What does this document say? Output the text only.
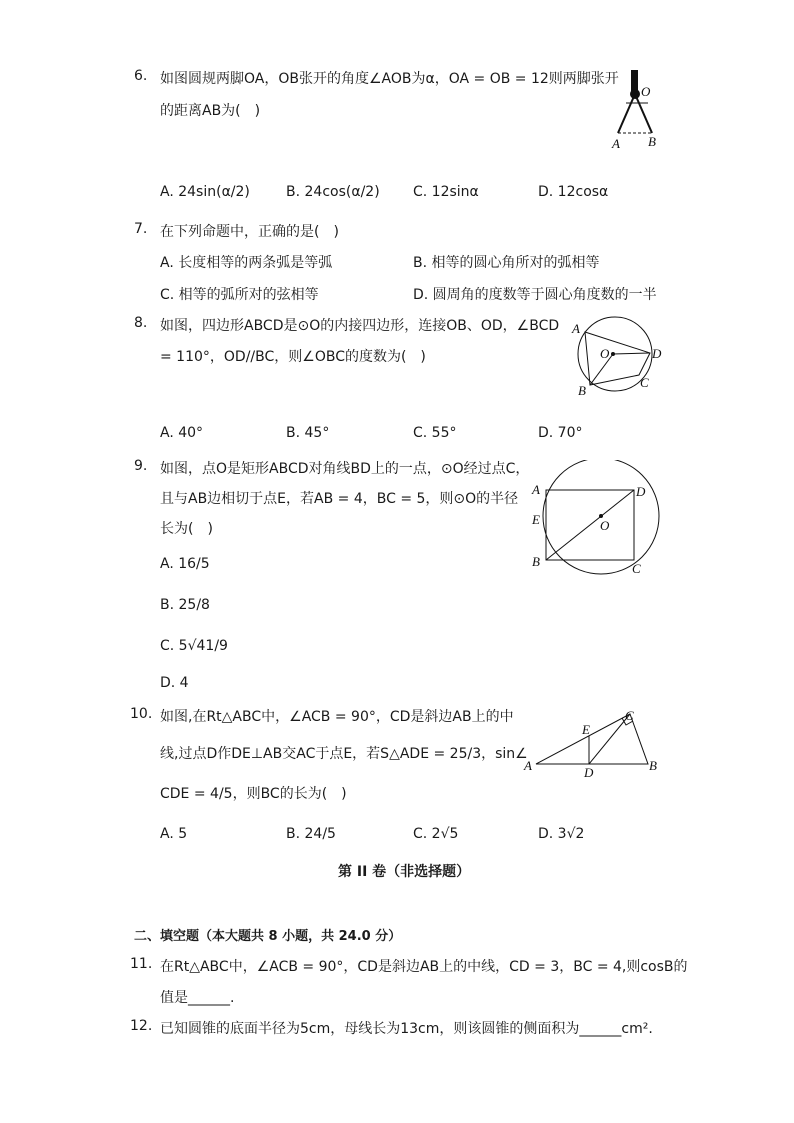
6. 如图圆规两脚OA，OB张开的角度∠AOB为α，OA = OB = 12则两脚张开
的距离AB为(　)
O
A B
A. 24sin(α/2)	B. 24cos(α/2) C. 12sinα	D. 12cosα
7. 在下列命题中，正确的是(　)
A. 长度相等的两条弧是等弧	B. 相等的圆心角所对的弧相等
C. 相等的弧所对的弦相等	D. 圆周角的度数等于圆心角度数的一半
8. 如图，四边形ABCD是⊙O的内接四边形，连接OB、OD，∠BCD
= 110°，OD//BC，则∠OBC的度数为(　)
A
O	D
B
C
A. 40°	B. 45°	C. 55°	D. 70°
9. 如图，点O是矩形ABCD对角线BD上的一点，⊙O经过点C，
且与AB边相切于点E，若AB = 4，BC = 5，则⊙O的半径
长为(　)
A	D
E	O
B	C
A. 16/5
B. 25/8
C. 5√41/9
D. 4
10. 如图,在Rt△ABC中，∠ACB = 90°，CD是斜边AB上的中
线,过点D作DE⊥AB交AC于点E，若S△ADE = 25/3，sin∠
CDE = 4/5，则BC的长为(　)
E
C
A	D	B
A. 5	B. 24/5	C. 2√5	D. 3√2
第 II 卷（非选择题）
二、填空题（本大题共 8 小题，共 24.0 分）
11. 在Rt△ABC中，∠ACB = 90°，CD是斜边AB上的中线，CD = 3，BC = 4,则cosB的
值是______.
12. 已知圆锥的底面半径为5cm，母线长为13cm，则该圆锥的侧面积为______cm².
